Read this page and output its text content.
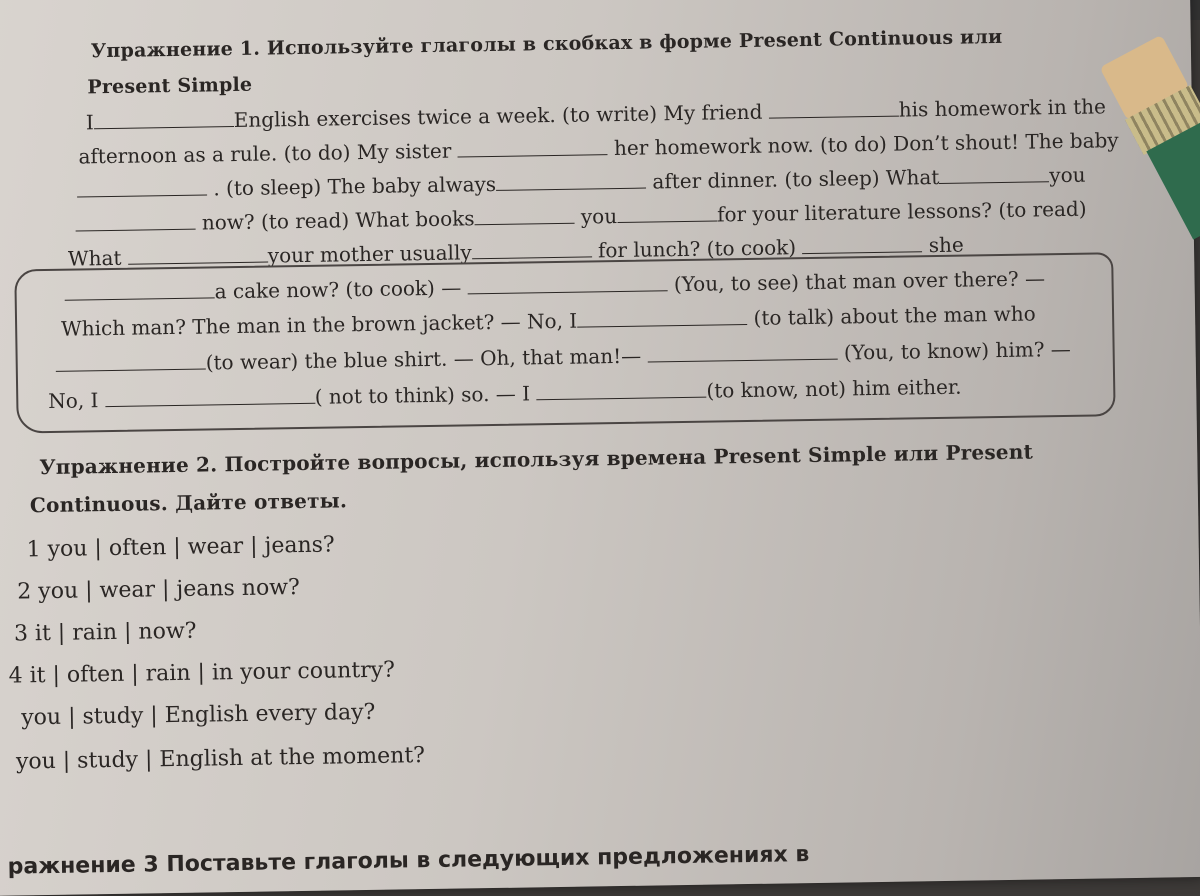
Упражнение 1. Используйте глаголы в скобках в форме Present Continuous или
Present Simple
I	English exercises twice a week. (to write) My friend	his homework in the
afternoon as a rule. (to do) My sister	her homework now. (to do) Don’t shout! The baby
. (to sleep) The baby always	after dinner. (to sleep) What	you
now? (to read) What books	you	for your literature lessons? (to read)
What	your mother usually	for lunch? (to cook)	she
a cake now? (to cook) —	(You, to see) that man over there? —
Which man? The man in the brown jacket? — No, I	(to talk) about the man who
(to wear) the blue shirt. — Oh, that man!—	(You, to know) him? —
No, I	( not to think) so. — I	(to know, not) him either.
Упражнение 2. Постройте вопросы, используя времена Present Simple или Present
Continuous. Дайте ответы.
1 you | often | wear | jeans?
2 you | wear | jeans now?
3 it | rain | now?
4 it | often | rain | in your country?
you | study | English every day?
you | study | English at the moment?
ражнение 3 Поставьте глаголы в следующих предложениях в
